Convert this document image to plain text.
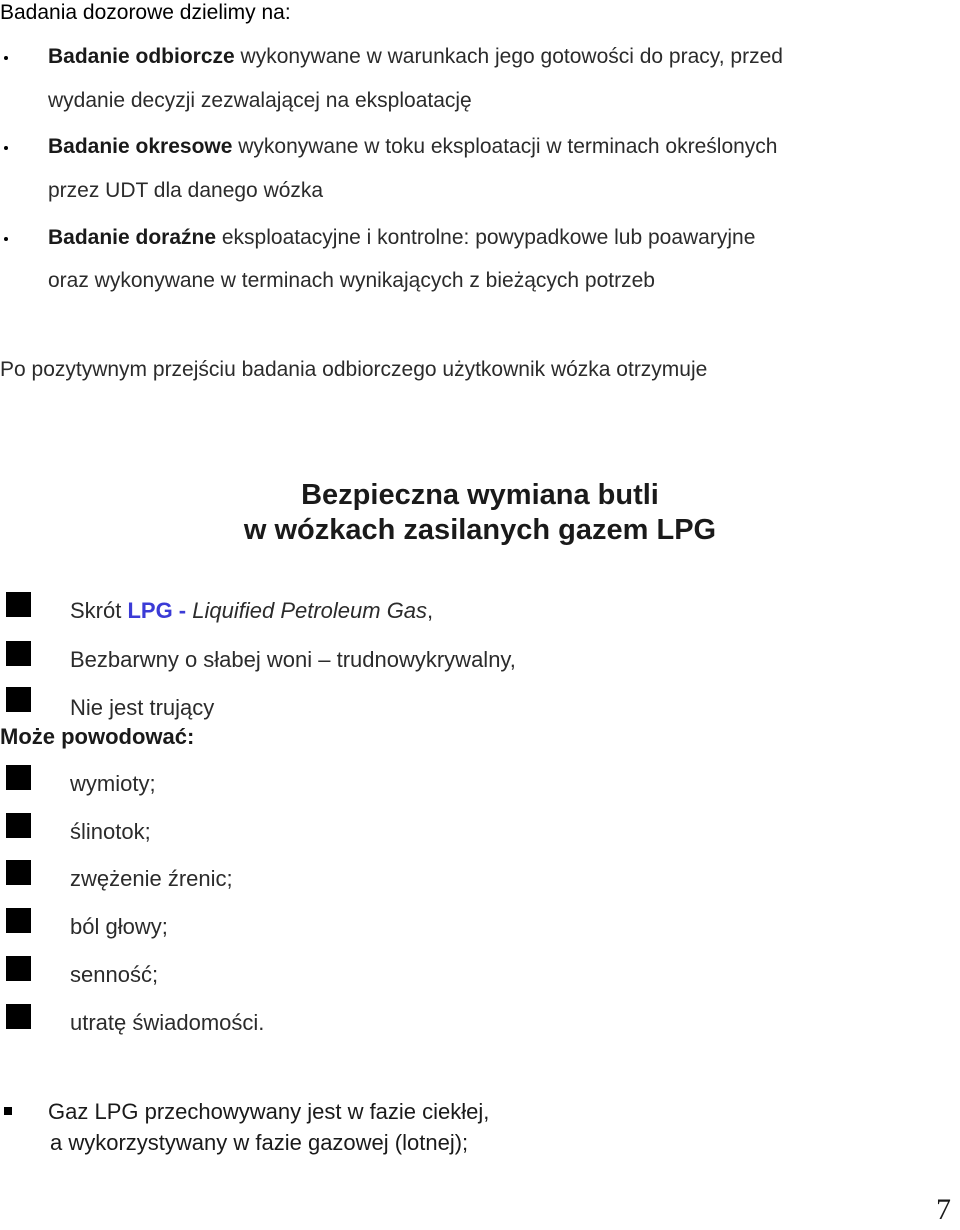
Badania dozorowe dzielimy na:
Badanie odbiorcze wykonywane w warunkach jego gotowości do pracy, przed
wydanie decyzji zezwalającej na eksploatację
Badanie okresowe wykonywane w toku eksploatacji w terminach określonych
przez UDT dla danego wózka
Badanie doraźne eksploatacyjne i kontrolne: powypadkowe lub poawaryjne
oraz wykonywane w terminach wynikających z bieżących potrzeb
Po pozytywnym przejściu badania odbiorczego użytkownik wózka otrzymuje
Bezpieczna wymiana butli
w wózkach zasilanych gazem LPG
Skrót LPG - Liquified Petroleum Gas,
Bezbarwny o słabej woni – trudnowykrywalny,
Nie jest trujący
Może powodować:
wymioty;
ślinotok;
zwężenie źrenic;
ból głowy;
senność;
utratę świadomości.
Gaz LPG przechowywany jest w fazie ciekłej,
a wykorzystywany w fazie gazowej (lotnej);
7
